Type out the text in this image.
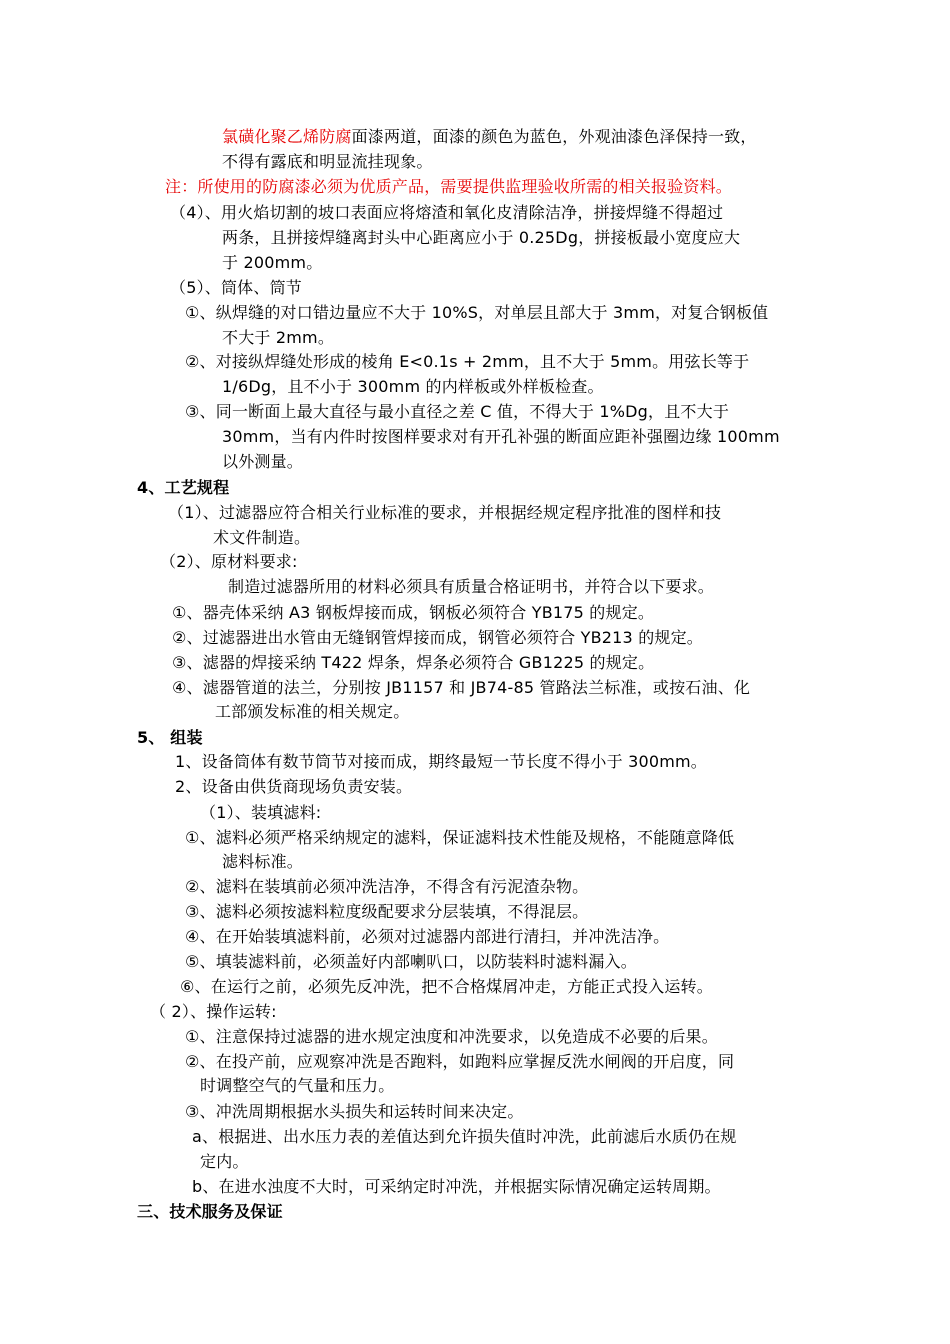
氯磺化聚乙烯防腐面漆两道，面漆的颜色为蓝色，外观油漆色泽保持一致，
不得有露底和明显流挂现象。
注：所使用的防腐漆必须为优质产品，需要提供监理验收所需的相关报验资料。
（4）、用火焰切割的坡口表面应将熔渣和氧化皮清除洁净，拼接焊缝不得超过
两条，且拼接焊缝离封头中心距离应小于 0.25Dg，拼接板最小宽度应大
于 200mm。
（5）、筒体、筒节
①、纵焊缝的对口错边量应不大于 10%S，对单层且部大于 3mm，对复合钢板值
不大于 2mm。
②、对接纵焊缝处形成的棱角 E<0.1s + 2mm，且不大于 5mm。用弦长等于
1/6Dg，且不小于 300mm 的内样板或外样板检查。
③、同一断面上最大直径与最小直径之差 C 值，不得大于 1%Dg，且不大于
30mm，当有内件时按图样要求对有开孔补强的断面应距补强圈边缘 100mm
以外测量。
4、工艺规程
（1）、过滤器应符合相关行业标准的要求，并根据经规定程序批准的图样和技
术文件制造。
（2）、原材料要求:
制造过滤器所用的材料必须具有质量合格证明书，并符合以下要求。
①、器壳体采纳 A3 钢板焊接而成，钢板必须符合 YB175 的规定。
②、过滤器进出水管由无缝钢管焊接而成，钢管必须符合 YB213 的规定。
③、滤器的焊接采纳 T422 焊条，焊条必须符合 GB1225 的规定。
④、滤器管道的法兰，分别按 JB1157 和 JB74-85 管路法兰标准，或按石油、化
工部颁发标准的相关规定。
5、 组装
1、设备筒体有数节筒节对接而成，期终最短一节长度不得小于 300mm。
2、设备由供货商现场负责安装。
（1）、装填滤料:
①、滤料必须严格采纳规定的滤料，保证滤料技术性能及规格，不能随意降低
滤料标准。
②、滤料在装填前必须冲洗洁净，不得含有污泥渣杂物。
③、滤料必须按滤料粒度级配要求分层装填，不得混层。
④、在开始装填滤料前，必须对过滤器内部进行清扫，并冲洗洁净。
⑤、填装滤料前，必须盖好内部喇叭口，以防装料时滤料漏入。
⑥、在运行之前，必须先反冲洗，把不合格煤屑冲走，方能正式投入运转。
（ 2）、操作运转:
①、注意保持过滤器的进水规定浊度和冲洗要求，以免造成不必要的后果。
②、在投产前，应观察冲洗是否跑料，如跑料应掌握反洗水闸阀的开启度，同
时调整空气的气量和压力。
③、冲洗周期根据水头损失和运转时间来决定。
a、根据进、出水压力表的差值达到允许损失值时冲洗，此前滤后水质仍在规
定内。
b、在进水浊度不大时，可采纳定时冲洗，并根据实际情况确定运转周期。
三、技术服务及保证
